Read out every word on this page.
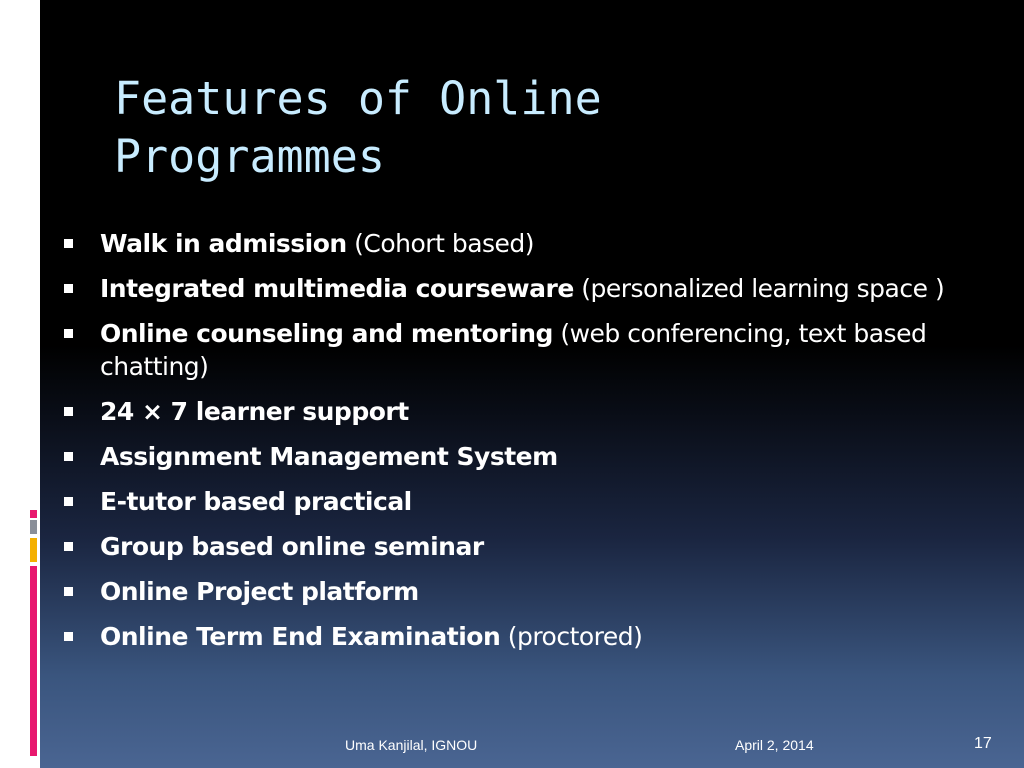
Features of Online
Programmes
Walk in admission (Cohort based)
Integrated multimedia courseware (personalized learning space )
Online counseling and mentoring (web conferencing, text based chatting)
24 × 7 learner support
Assignment Management System
E-tutor based practical
Group based online seminar
Online Project platform
Online Term End Examination (proctored)
Uma Kanjilal, IGNOU	April 2, 2014	17
